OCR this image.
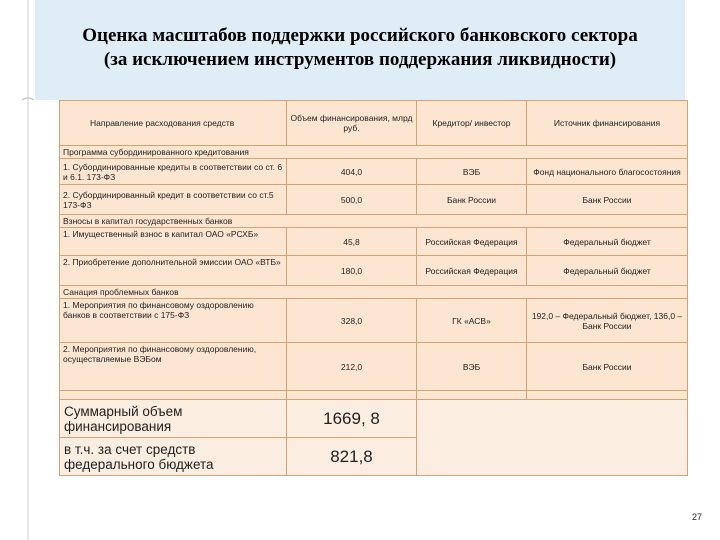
Оценка масштабов поддержки российского банковского сектора
(за исключением инструментов поддержания ликвидности)
Направление расходования средств	Объем финансирования, млрд руб.	Кредитор/ инвестор	Источник финансирования
Программа субординированного кредитования			
1. Субординированные кредиты в соответствии со ст. 6 и 6.1. 173-ФЗ	404,0	ВЭБ	Фонд национального благосостояния
2. Субординированный кредит в соответствии со ст.5 173-ФЗ	500,0	Банк России	Банк России
Взносы в капитал государственных банков			
1. Имущественный взнос в капитал ОАО «РСХБ»	45,8	Российская Федерация	Федеральный бюджет
2. Приобретение дополнительной эмиссии ОАО «ВТБ»	180,0	Российская Федерация	Федеральный бюджет
Санация проблемных банков			
1. Мероприятия по финансовому оздоровлению банков в соответствии с 175-ФЗ	328,0	ГК «АСВ»	192,0 – Федеральный бюджет, 136,0 – Банк России
2. Мероприятия по финансовому оздоровлению, осуществляемые ВЭБом	212,0	ВЭБ	Банк России

Суммарный объем финансирования	1669, 8		
в т.ч. за счет средств федерального бюджета	821,8		
27
